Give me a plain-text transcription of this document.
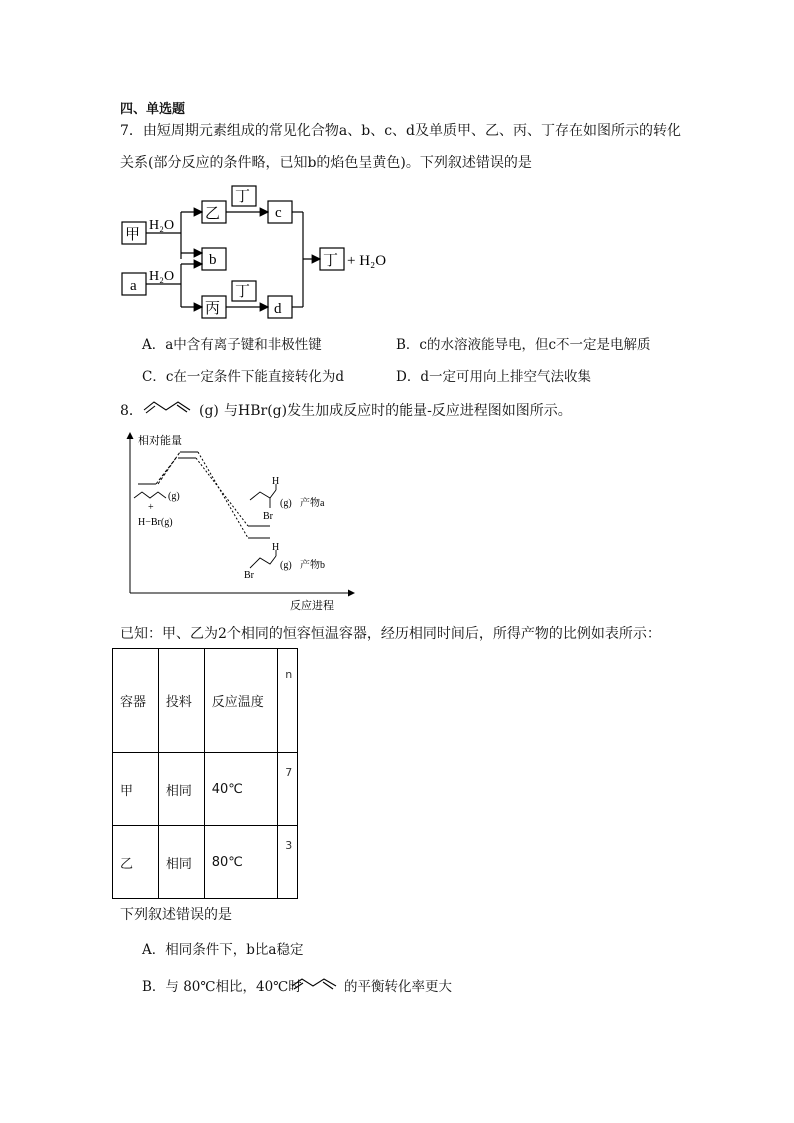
四、单选题
7．由短周期元素组成的常见化合物a、b、c、d及单质甲、乙、丙、丁存在如图所示的转化
关系(部分反应的条件略，已知b的焰色呈黄色)。下列叙述错误的是
甲
a
乙
b
丙
c
d
丁
丁
丁 + H₂O
H₂O
H₂O
A．a中含有离子键和非极性键	B．c的水溶液能导电，但c不一定是电解质
C．c在一定条件下能直接转化为d	D．d一定可用向上排空气法收集
8．	(g) 与HBr(g)发生加成反应时的能量-反应进程图如图所示。
相对能量
反应进程
(g)
+
H−Br(g)
H
Br
(g) 产物a
H
Br
(g) 产物b
已知：甲、乙为2个相同的恒容恒温容器，经历相同时间后，所得产物的比例如表所示：
容器	投料	反应温度	n
甲	相同	40℃	7
乙	相同	80℃	3
下列叙述错误的是
A．相同条件下，b比a稳定
B．与 80℃相比，40℃时	的平衡转化率更大
